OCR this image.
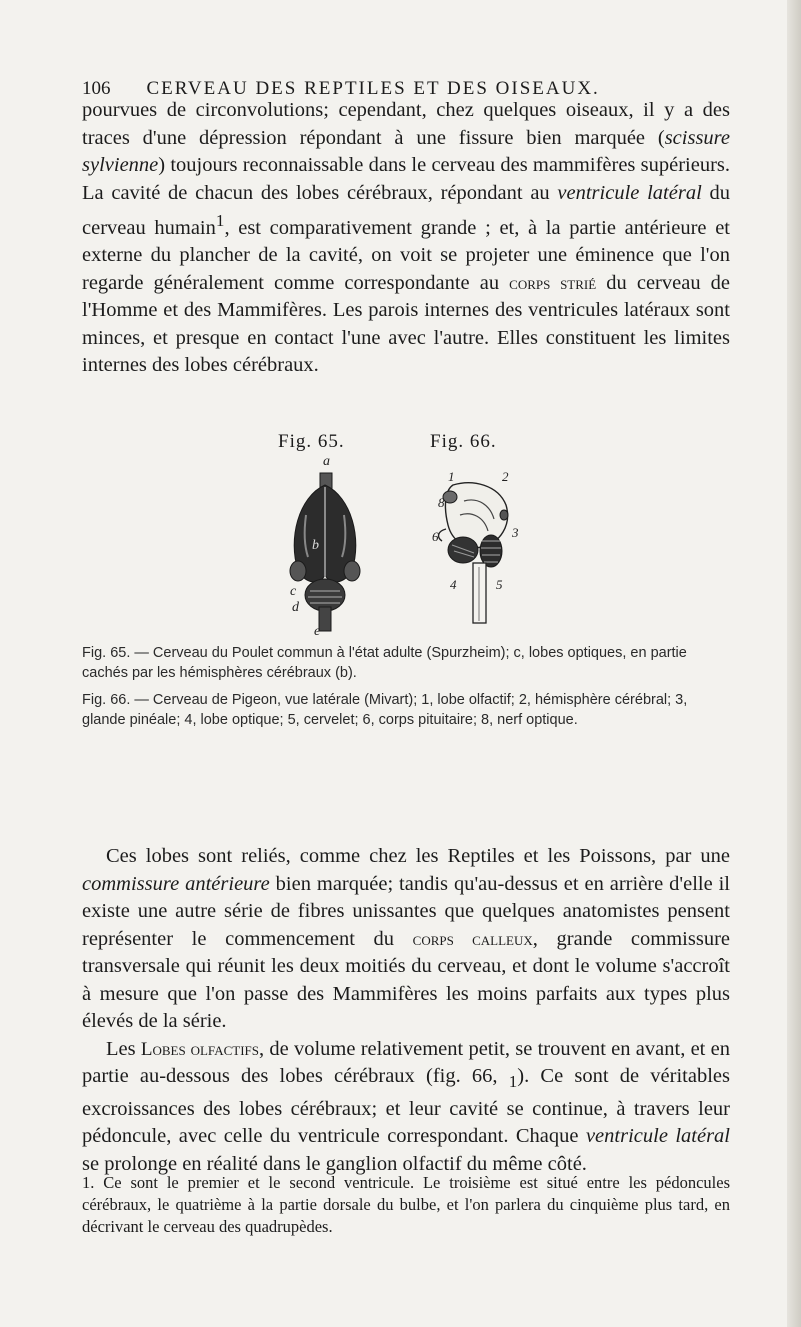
106 CERVEAU DES REPTILES ET DES OISEAUX.
pourvues de circonvolutions; cependant, chez quelques oiseaux, il y a des traces d'une dépression répondant à une fissure bien marquée (scissure sylvienne) toujours reconnaissable dans le cerveau des mammifères supérieurs. La cavité de chacun des lobes cérébraux, répondant au ventricule latéral du cerveau humain$^1$, est comparativement grande ; et, à la partie antérieure et externe du plancher de la cavité, on voit se projeter une éminence que l'on regarde généralement comme correspondante au corps strié du cerveau de l'Homme et des Mammifères. Les parois internes des ventricules latéraux sont minces, et presque en contact l'une avec l'autre. Elles constituent les limites internes des lobes cérébraux.
Fig. 65.	Fig. 66.
a
b
c
d
e
1	2
3
4	5
6
8
Fig. 65. — Cerveau du Poulet commun à l'état adulte (Spurzheim); c, lobes optiques, en partie cachés par les hémisphères cérébraux (b).
Fig. 66. — Cerveau de Pigeon, vue latérale (Mivart); 1, lobe olfactif; 2, hémisphère cérébral; 3, glande pinéale; 4, lobe optique; 5, cervelet; 6, corps pituitaire; 8, nerf optique.
Ces lobes sont reliés, comme chez les Reptiles et les Poissons, par une commissure antérieure bien marquée; tandis qu'au-dessus et en arrière d'elle il existe une autre série de fibres unissantes que quelques anatomistes pensent représenter le commencement du corps calleux, grande commissure transversale qui réunit les deux moitiés du cerveau, et dont le volume s'accroît à mesure que l'on passe des Mammifères les moins parfaits aux types plus élevés de la série.
Les Lobes olfactifs, de volume relativement petit, se trouvent en avant, et en partie au-dessous des lobes cérébraux (fig. 66, $_1$). Ce sont de véritables excroissances des lobes cérébraux; et leur cavité se continue, à travers leur pédoncule, avec celle du ventricule correspondant. Chaque ventricule latéral se prolonge en réalité dans le ganglion olfactif du même côté.
1. Ce sont le premier et le second ventricule. Le troisième est situé entre les pédoncules cérébraux, le quatrième à la partie dorsale du bulbe, et l'on parlera du cinquième plus tard, en décrivant le cerveau des quadrupèdes.
